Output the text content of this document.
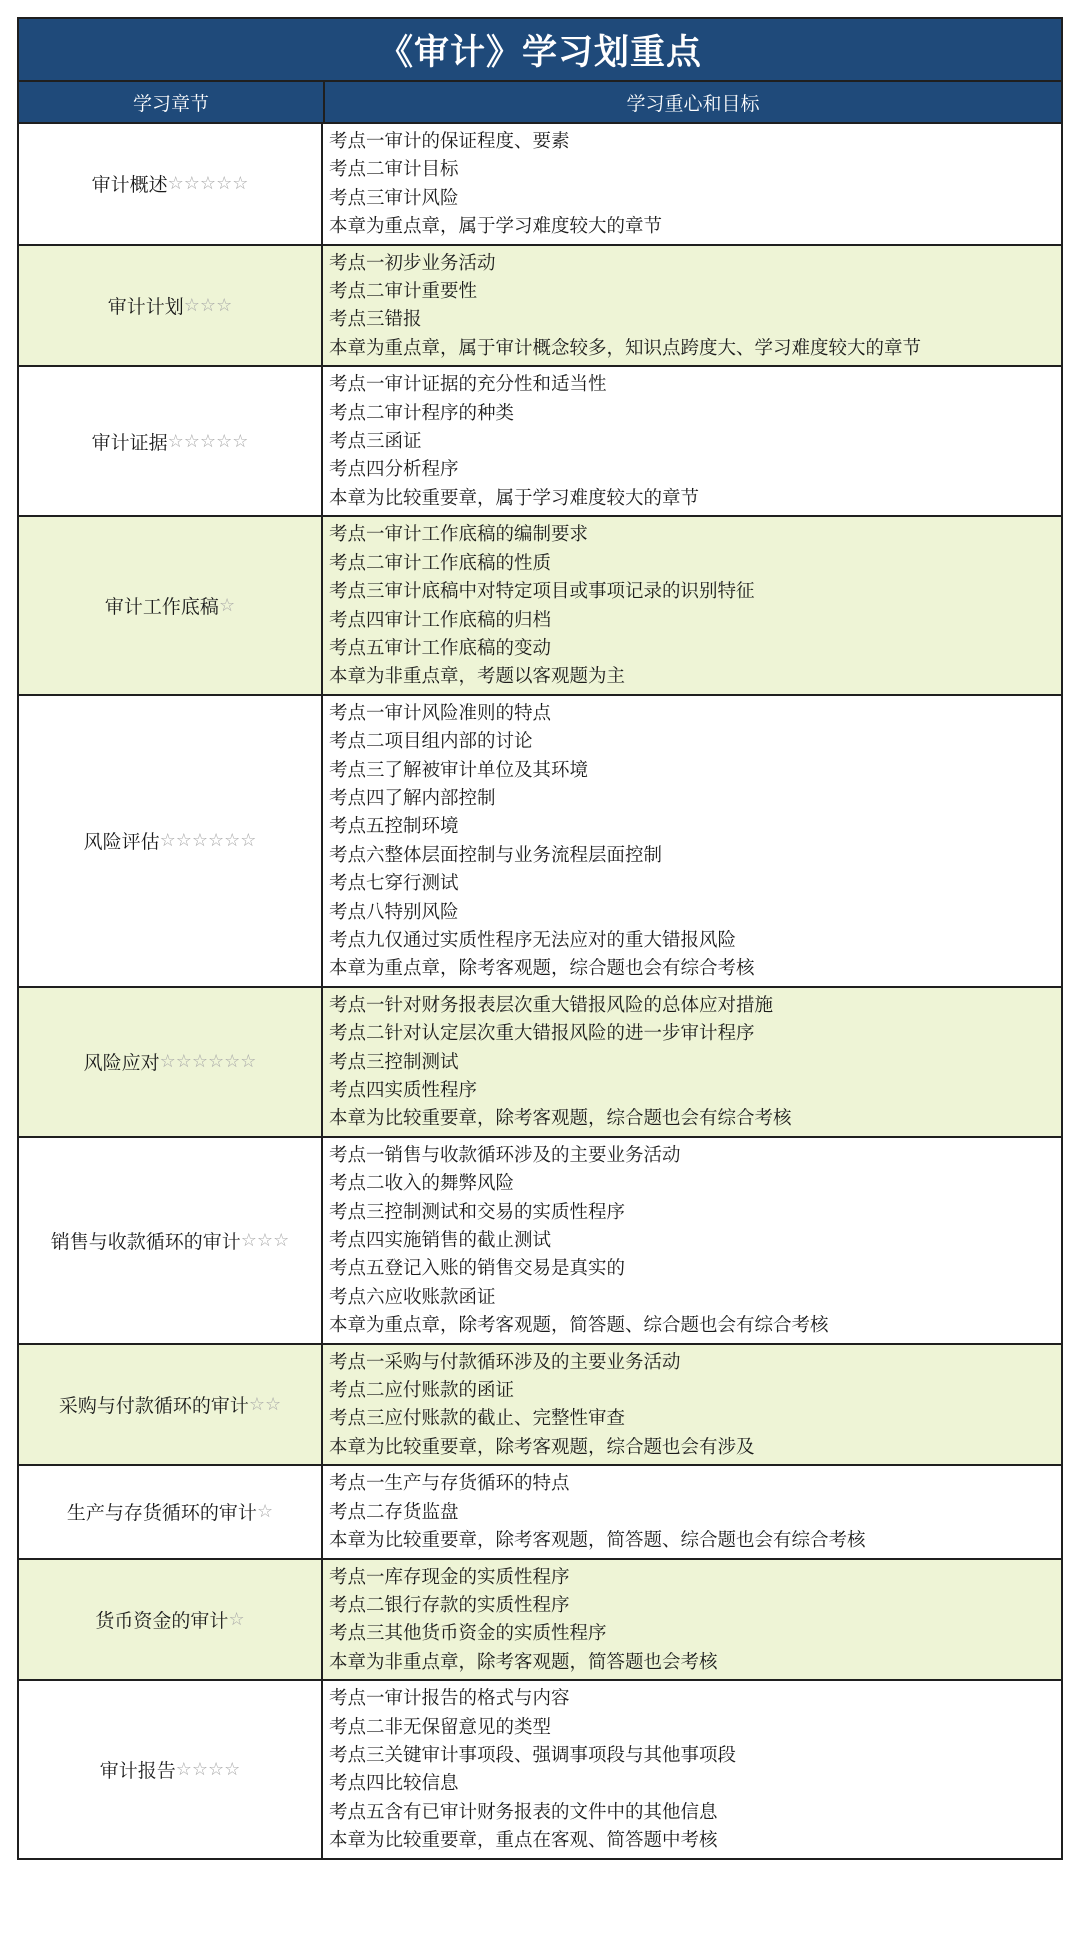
《审计》学习划重点
学习章节	学习重心和目标
审计概述 ☆☆☆☆☆
考点一审计的保证程度、要素
考点二审计目标
考点三审计风险
本章为重点章，属于学习难度较大的章节
审计计划 ☆☆☆
考点一初步业务活动
考点二审计重要性
考点三错报
本章为重点章，属于审计概念较多，知识点跨度大、学习难度较大的章节
审计证据 ☆☆☆☆☆
考点一审计证据的充分性和适当性
考点二审计程序的种类
考点三函证
考点四分析程序
本章为比较重要章，属于学习难度较大的章节
审计工作底稿 ☆
考点一审计工作底稿的编制要求
考点二审计工作底稿的性质
考点三审计底稿中对特定项目或事项记录的识别特征
考点四审计工作底稿的归档
考点五审计工作底稿的变动
本章为非重点章，考题以客观题为主
风险评估 ☆☆☆☆☆☆
考点一审计风险准则的特点
考点二项目组内部的讨论
考点三了解被审计单位及其环境
考点四了解内部控制
考点五控制环境
考点六整体层面控制与业务流程层面控制
考点七穿行测试
考点八特别风险
考点九仅通过实质性程序无法应对的重大错报风险
本章为重点章，除考客观题，综合题也会有综合考核
风险应对 ☆☆☆☆☆☆
考点一针对财务报表层次重大错报风险的总体应对措施
考点二针对认定层次重大错报风险的进一步审计程序
考点三控制测试
考点四实质性程序
本章为比较重要章，除考客观题，综合题也会有综合考核
销售与收款循环的审计 ☆☆☆
考点一销售与收款循环涉及的主要业务活动
考点二收入的舞弊风险
考点三控制测试和交易的实质性程序
考点四实施销售的截止测试
考点五登记入账的销售交易是真实的
考点六应收账款函证
本章为重点章，除考客观题，简答题、综合题也会有综合考核
采购与付款循环的审计 ☆☆
考点一采购与付款循环涉及的主要业务活动
考点二应付账款的函证
考点三应付账款的截止、完整性审查
本章为比较重要章，除考客观题，综合题也会有涉及
生产与存货循环的审计 ☆
考点一生产与存货循环的特点
考点二存货监盘
本章为比较重要章，除考客观题，简答题、综合题也会有综合考核
货币资金的审计 ☆
考点一库存现金的实质性程序
考点二银行存款的实质性程序
考点三其他货币资金的实质性程序
本章为非重点章，除考客观题，简答题也会考核
审计报告 ☆☆☆☆
考点一审计报告的格式与内容
考点二非无保留意见的类型
考点三关键审计事项段、强调事项段与其他事项段
考点四比较信息
考点五含有已审计财务报表的文件中的其他信息
本章为比较重要章，重点在客观、简答题中考核
